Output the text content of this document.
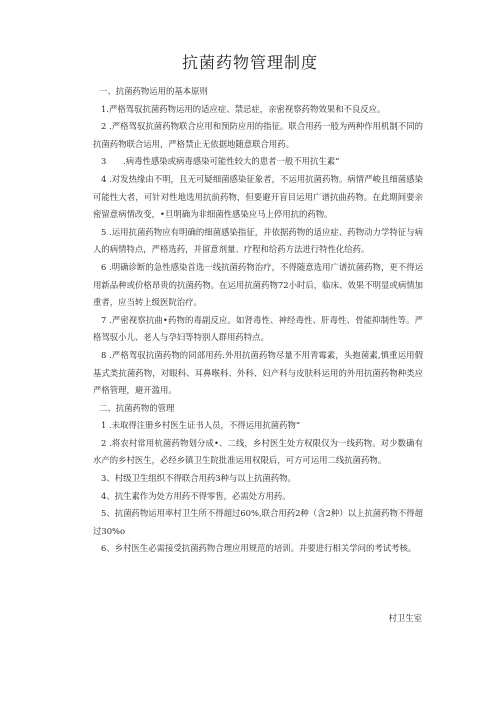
抗菌药物管理制度

一、抗菌药物运用的基本原则

1.严格驾驭抗菌药物运用的适应症、禁忌症，亲密视察药物效果和不良反应。

2 .严格驾驭抗菌药物联合应用和预防应用的指征。联合用药一般为两种作用机制不同的抗菌药物联合运用，严格禁止无依据地随意联合用药。

3　　.病毒性感染或病毒感染可能性较大的患者一般不用抗生素“

4 .对发热缘由不明，且无可疑细菌感染征象者，不运用抗菌药物。病情严峻且细菌感染可能性大者，可针对性地选用抗前药物，但要避开盲目运用广谱抗曲药物。在此期间要亲密留意病情改变，•旦明确为非细菌性感染应马上停用抗的药物。

5 .运用抗菌药物应有明确的细菌感染指征，并依据药物的适应症、药物动力学特征与病人的病情特点，严格选药，并留意剂量、疗程和给药方法进行特性化给药。

6 .明确诊断的急性感染首选一线抗菌药物治疗，不得随意选用广谱抗菌药物，更不得运用新品种或价格昂贵的抗菌药物。在运用抗菌药物72小时后，临床、效果不明显或病情加重者，应当转上级医院治疗。

7 .严密视察抗曲•药物的毒副反应。如肾毒性、神经毒性、肝毒性、骨能抑制性等。严格驾驭小儿、老人与孕妇等特别人群用药特点。

8 .严格驾驭抗菌药物的同部用药.外用抗菌药物尽量不用青霉素，头抱菌素,慎重运用假基式类抗菌药物，对眼科、耳鼻喉科、外科、妇产科与皮肤科运用的外用抗菌药物种类应严格管理，避开滥用。

二、抗菌药物的管理

1 .未取得注册乡村医生证书人员，不得运用抗菌药物“

2 .将农村常用杭菌药物划分成•、二线，乡村医生处方权限仅为一线药物。对少数确有水产的乡村医生，必经乡镇卫生院批准运用权限后，可方可运用二线抗菌药物。

3、村级卫生组织不得联合用药3种与以上抗菌药物。

4、抗生素作为处方用药不得零售，必需处方用药。

5、抗菌药物运用率村卫生所不得超过60%,联合用药2种（含2种）以上抗菌药物不得超过30%o

6、乡村医生必需接受抗菌药物合理应用规范的培训。并要进行相关学问的考试考核。

村卫生室
